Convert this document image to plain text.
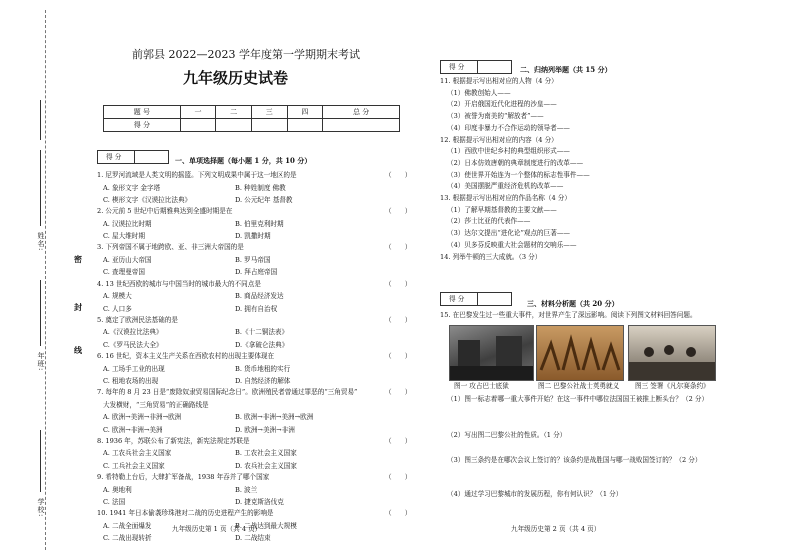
学校:
年班:
姓名:
密
封
线
前郭县 2022—2023 学年度第一学期期末考试
九年级历史试卷
题 号	一	二	三	四	总 分
得 分					
得 分	一、单项选择题（每小题 1 分，共 10 分）
1. 尼罗河流域是人类文明的摇篮。下列文明成果中属于这一地区的是	（　　）
A. 象形文字 金字塔	B. 种姓制度 佛教
C. 楔形文字《汉谟拉比法典》	D. 公元纪年 基督教
2. 公元前 5 世纪中后期雅典达到全盛时期是在	（　　）
A. 汉谟拉比时期	B. 伯里克利时期
C. 屋大维时期	D. 凯撒时期
3. 下列帝国不属于地跨欧、亚、非三洲大帝国的是	（　　）
A. 亚历山大帝国	B. 罗马帝国
C. 查理曼帝国	D. 拜占庭帝国
4. 13 世纪西欧的城市与中国当时的城市最大的不同点是	（　　）
A. 规模大	B. 商品经济发达
C. 人口多	D. 拥有自治权
5. 奠定了欧洲民法基础的是	（　　）
A.《汉谟拉比法典》	B.《十二铜法表》
C.《罗马民法大全》	D.《拿破仑法典》
6. 16 世纪，资本主义生产关系在西欧农村的出现主要体现在	（　　）
A. 工场手工业的出现	B. 货币地租的实行
C. 租地农场的出现	D. 自然经济的解体
7. 每年的 8 月 23 日是“废除奴隶贸易国际纪念日”。欧洲殖民者曾通过罪恶的“三角贸易”	（　　）
大发横财，“三角贸易”的正确路线是
A. 欧洲→美洲→非洲→欧洲	B. 欧洲→非洲→美洲→欧洲
C. 欧洲→非洲→美洲	D. 欧洲→美洲→非洲
8. 1936 年，苏联公布了新宪法，新宪法规定苏联是	（　　）
A. 工农兵社会主义国家	B. 工农社会主义国家
C. 工兵社会主义国家	D. 农兵社会主义国家
9. 希特勒上台后，大肆扩军备战，1938 年吞并了哪个国家	（　　）
A. 奥地利	B. 波兰
C. 法国	D. 捷克斯洛伐克
10. 1941 年日本偷袭珍珠港对二战的历史进程产生的影响是	（　　）
A. 二战全面爆发	B. 二战达到最大规模
C. 二战出现转折	D. 二战结束
得 分	二、归纳列举题（共 15 分）
11. 根据提示写出相对应的人物（4 分）
（1）佛教创始人——
（2）开启俄国近代化进程的沙皇——
（3）被誉为南美的“解放者”——
（4）印度非暴力不合作运动的领导者——
12. 根据提示写出相对应的内容（4 分）
（1）西欧中世纪乡村的典型组织形式——
（2）日本仿效唐朝的典章制度进行的改革——
（3）使世界开始连为一个整体的标志性事件——
（4）美国摆脱严重经济危机的改革——
13. 根据提示写出相对应的作品名称（4 分）
（1）了解早期基督教的主要文献——
（2）莎士比亚的代表作——
（3）达尔文提出“进化论”观点的巨著——
（4）贝多芬反映重大社会题材的交响乐——
14. 列举牛顿的三大成就。（3 分）
得 分	三、材料分析题（共 20 分）
15. 在巴黎发生过一些重大事件，对世界产生了深远影响。阅读下列图文材料回答问题。
图一 攻占巴士底狱	图二 巴黎公社战士英勇就义 图三 签署《凡尔赛条约》
（1）图一标志着哪一重大事件开始？在这一事件中哪位法国国王被推上断头台？（2 分）
（2）写出图二巴黎公社的性质。（1 分）
（3）图三条约是在哪次会议上签订的？该条约是战胜国与哪一战败国签订的？（2 分）
（4）通过学习巴黎城市的发展历程，你有何认识？（1 分）
九年级历史第 1 页（共 4 页）	九年级历史第 2 页（共 4 页）
